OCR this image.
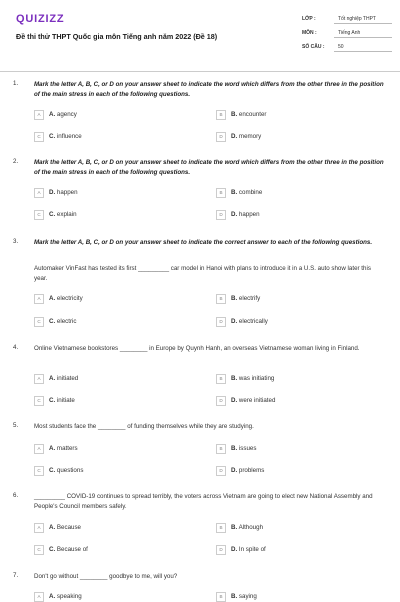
QUIZIZZ
Đề thi thử THPT Quốc gia môn Tiếng anh năm 2022 (Đề 18)
LỚP :	Tốt nghiệp THPT
MÔN :	Tiếng Anh
SỐ CÂU :	50
1.	Mark the letter A, B, C, or D on your answer sheet to indicate the word which differs from the other three in the position of the main stress in each of the following questions.
A	A. agency	B	B. encounter
C	C. influence	D	D. memory
2.	Mark the letter A, B, C, or D on your answer sheet to indicate the word which differs from the other three in the position of the main stress in each of the following questions.
A	D. happen	B	B. combine
C	C. explain	D	D. happen
3.	Mark the letter A, B, C, or D on your answer sheet to indicate the correct answer to each of the following questions.
Automaker VinFast has tested its first _________ car model in Hanoi with plans to introduce it in a U.S. auto show later this year.
A	A. electricity	B	B. electrify
C	C. electric	D	D. electrically
4.	Online Vietnamese bookstores ________ in Europe by Quynh Hanh, an overseas Vietnamese woman living in Finland.
A	A. initiated	B	B. was initiating
C	C. initiate	D	D. were initiated
5.	Most students face the ________ of funding themselves while they are studying.
A	A. matters	B	B. issues
C	C. questions	D	D. problems
6.	_________ COVID-19 continues to spread terribly, the voters across Vietnam are going to elect new National Assembly and People's Council members safely.
A	A. Because	B	B. Although
C	C. Because of	D	D. In spite of
7.	Don't go without ________ goodbye to me, will you?
A	A. speaking	B	B. saying
